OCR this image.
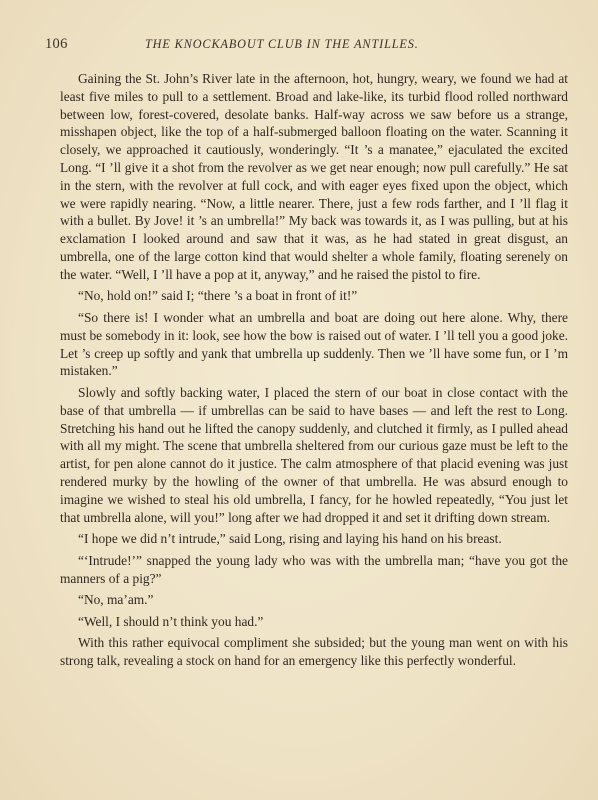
106	THE KNOCKABOUT CLUB IN THE ANTILLES.

Gaining the St. John’s River late in the afternoon, hot, hungry, weary, we found we had at least five miles to pull to a settlement. Broad and lake-like, its turbid flood rolled northward between low, forest-covered, desolate banks. Half-way across we saw before us a strange, misshapen object, like the top of a half-submerged balloon floating on the water. Scanning it closely, we approached it cautiously, wonderingly. “It ’s a manatee,” ejaculated the excited Long. “I ’ll give it a shot from the revolver as we get near enough; now pull carefully.” He sat in the stern, with the revolver at full cock, and with eager eyes fixed upon the object, which we were rapidly nearing. “Now, a little nearer. There, just a few rods farther, and I ’ll flag it with a bullet. By Jove! it ’s an umbrella!” My back was towards it, as I was pulling, but at his exclamation I looked around and saw that it was, as he had stated in great disgust, an umbrella, one of the large cotton kind that would shelter a whole family, floating serenely on the water. “Well, I ’ll have a pop at it, anyway,” and he raised the pistol to fire.

“No, hold on!” said I; “there ’s a boat in front of it!”

“So there is! I wonder what an umbrella and boat are doing out here alone. Why, there must be somebody in it: look, see how the bow is raised out of water. I ’ll tell you a good joke. Let ’s creep up softly and yank that umbrella up suddenly. Then we ’ll have some fun, or I ’m mistaken.”

Slowly and softly backing water, I placed the stern of our boat in close contact with the base of that umbrella — if umbrellas can be said to have bases — and left the rest to Long. Stretching his hand out he lifted the canopy suddenly, and clutched it firmly, as I pulled ahead with all my might. The scene that umbrella sheltered from our curious gaze must be left to the artist, for pen alone cannot do it justice. The calm atmosphere of that placid evening was just rendered murky by the howling of the owner of that umbrella. He was absurd enough to imagine we wished to steal his old umbrella, I fancy, for he howled repeatedly, “You just let that umbrella alone, will you!” long after we had dropped it and set it drifting down stream.

“I hope we did n’t intrude,” said Long, rising and laying his hand on his breast.

“‘Intrude!’” snapped the young lady who was with the umbrella man; “have you got the manners of a pig?”

“No, ma’am.”

“Well, I should n’t think you had.”

With this rather equivocal compliment she subsided; but the young man went on with his strong talk, revealing a stock on hand for an emergency like this perfectly wonderful.
